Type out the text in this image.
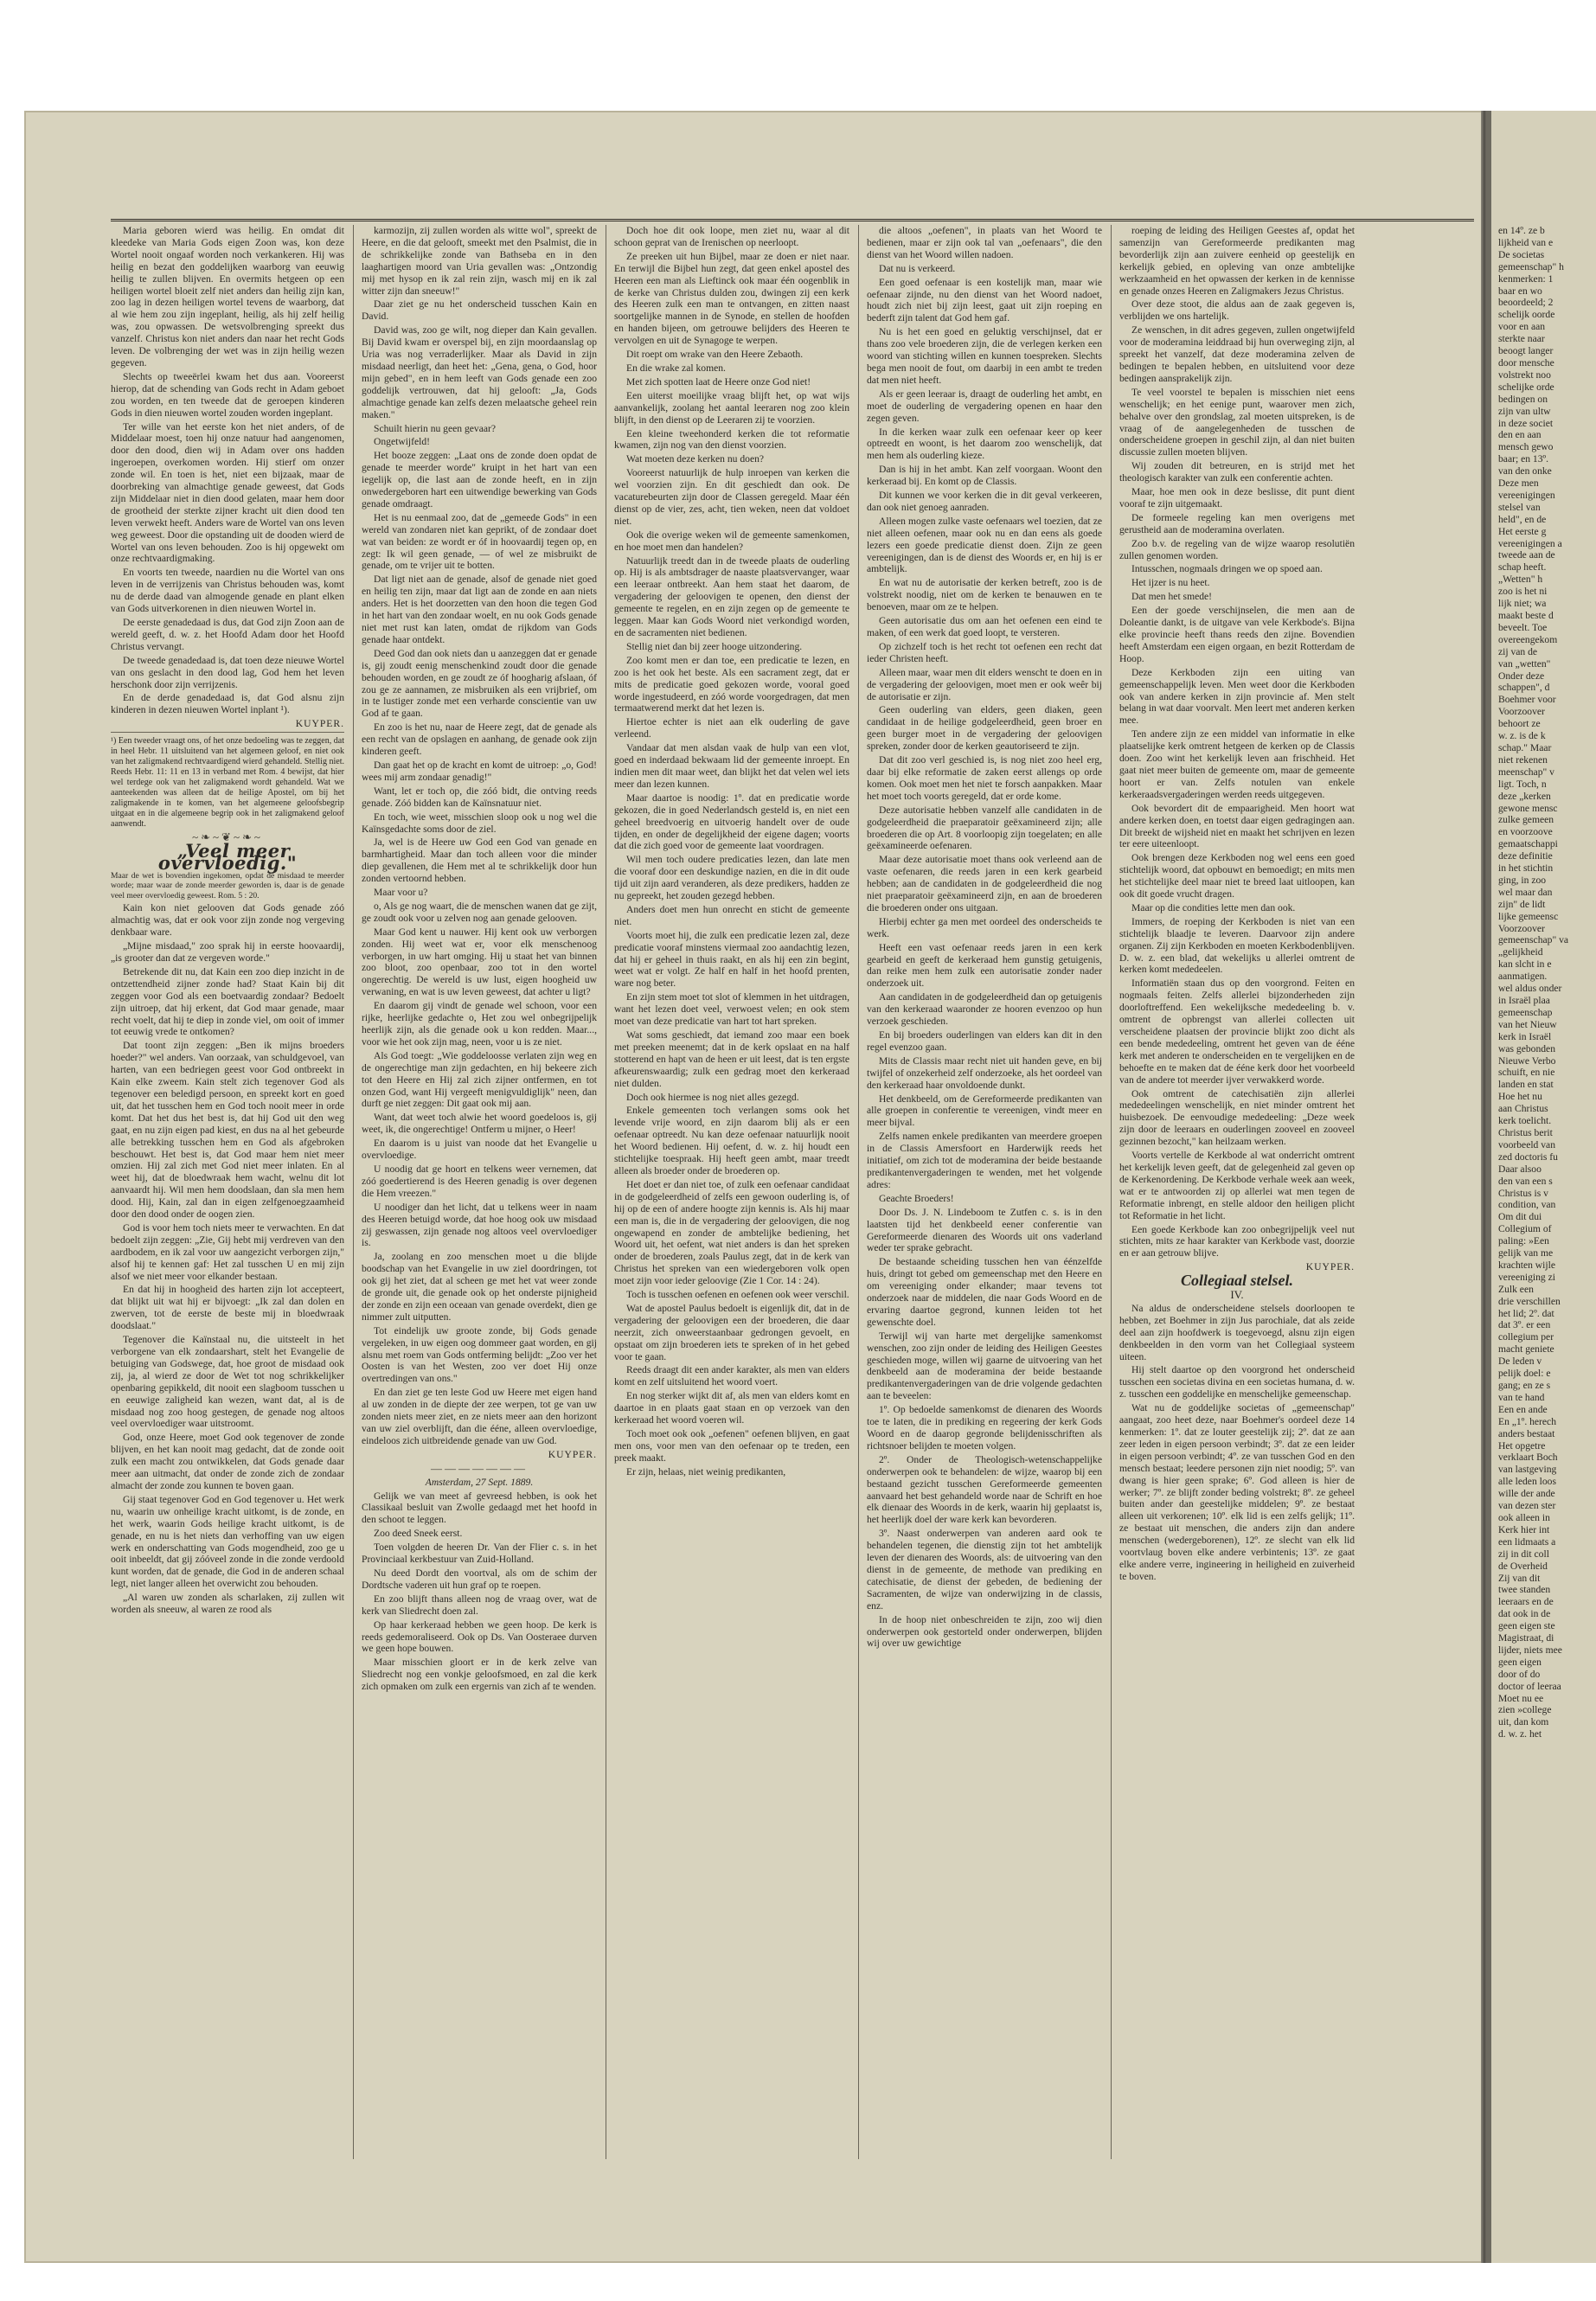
Maria geboren wierd was heilig. En omdat dit kleedeke van Maria Gods eigen Zoon was, kon deze Wortel nooit ongaaf worden noch verkankeren. Hij was heilig en bezat den goddelijken waarborg van eeuwig heilig te zullen blijven. En overmits hetgeen op een heiligen wortel bloeit zelf niet anders dan heilig zijn kan, zoo lag in dezen heiligen wortel tevens de waarborg, dat al wie hem zou zijn ingeplant, heilig, als hij zelf heilig was, zou opwassen. De wetsvolbrenging spreekt dus vanzelf. Christus kon niet anders dan naar het recht Gods leven. De volbrenging der wet was in zijn heilig wezen gegeven.

Slechts op tweeërlei kwam het dus aan. Vooreerst hierop, dat de schending van Gods recht in Adam geboet zou worden, en ten tweede dat de geroepen kinderen Gods in dien nieuwen wortel zouden worden ingeplant.

Ter wille van het eerste kon het niet anders, of de Middelaar moest, toen hij onze natuur had aangenomen, door den dood, dien wij in Adam over ons hadden ingeroepen, overkomen worden. Hij stierf om onzer zonde wil. En toen is het, niet een bijzaak, maar de doorbreking van almachtige genade geweest, dat Gods zijn Middelaar niet in dien dood gelaten, maar hem door de grootheid der sterkte zijner kracht uit dien dood ten leven verwekt heeft. Anders ware de Wortel van ons leven weg geweest. Door die opstanding uit de dooden wierd de Wortel van ons leven behouden. Zoo is hij opgewekt om onze rechtvaardigmaking.

En voorts ten tweede, naardien nu die Wortel van ons leven in de verrijzenis van Christus behouden was, komt nu de derde daad van almogende genade en plant elken van Gods uitverkorenen in dien nieuwen Wortel in.

De eerste genadedaad is dus, dat God zijn Zoon aan de wereld geeft, d. w. z. het Hoofd Adam door het Hoofd Christus vervangt.

De tweede genadedaad is, dat toen deze nieuwe Wortel van ons geslacht in den dood lag, God hem het leven herschonk door zijn verrijzenis.

En de derde genadedaad is, dat God alsnu zijn kinderen in dezen nieuwen Wortel inplant ¹).

KUYPER.

¹) Een tweeder vraagt ons, of het onze bedoeling was te zeggen, dat in heel Hebr. 11 uitsluitend van het algemeen geloof, en niet ook van het zaligmakend rechtvaardigend wierd gehandeld. Stellig niet. Reeds Hebr. 11: 11 en 13 in verband met Rom. 4 bewijst, dat hier wel terdege ook van het zaligmakend wordt gehandeld. Wat we aanteekenden was alleen dat de heilige Apostel, om bij het zaligmakende in te komen, van het algemeene geloofsbegrip uitgaat en in die algemeene begrip ook in het zaligmakend geloof aanwendt.

~❧~❦~❧~

„Veel meer overvloedig."

Maar de wet is bovendien ingekomen, opdat de misdaad te meerder worde; maar waar de zonde meerder geworden is, daar is de genade veel meer overvloedig geweest. Rom. 5 : 20.

Kain kon niet gelooven dat Gods genade zóó almachtig was, dat er ook voor zijn zonde nog vergeving denkbaar ware.

„Mijne misdaad," zoo sprak hij in eerste hoovaardij, „is grooter dan dat ze vergeven worde."

Betrekende dit nu, dat Kain een zoo diep inzicht in de ontzettendheid zijner zonde had? Staat Kain bij dit zeggen voor God als een boetvaardig zondaar? Bedoelt zijn uitroep, dat hij erkent, dat God maar genade, maar recht voelt, dat hij te diep in zonde viel, om ooit of immer tot eeuwig vrede te ontkomen?

Dat toont zijn zeggen: „Ben ik mijns broeders hoeder?" wel anders. Van oorzaak, van schuldgevoel, van harten, van een bedriegen geest voor God ontbreekt in Kain elke zweem. Kain stelt zich tegenover God als tegenover een beledigd persoon, en spreekt kort en goed uit, dat het tusschen hem en God toch nooit meer in orde komt. Dat het dus het best is, dat hij God uit den weg gaat, en nu zijn eigen pad kiest, en dus na al het gebeurde alle betrekking tusschen hem en God als afgebroken beschouwt. Het best is, dat God maar hem niet meer omzien. Hij zal zich met God niet meer inlaten. En al weet hij, dat de bloedwraak hem wacht, welnu dit lot aanvaardt hij. Wil men hem doodslaan, dan sla men hem dood. Hij, Kain, zal dan in eigen zelfgenoegzaamheid door den dood onder de oogen zien.

God is voor hem toch niets meer te verwachten. En dat bedoelt zijn zeggen: „Zie, Gij hebt mij verdreven van den aardbodem, en ik zal voor uw aangezicht verborgen zijn," alsof hij te kennen gaf: Het zal tusschen U en mij zijn alsof we niet meer voor elkander bestaan.

En dat hij in hoogheid des harten zijn lot accepteert, dat blijkt uit wat hij er bijvoegt: „Ik zal dan dolen en zwerven, tot de eerste de beste mij in bloedwraak doodslaat."

Tegenover die Kaïnstaal nu, die uitsteelt in het verborgene van elk zondaarshart, stelt het Evangelie de betuiging van Godswege, dat, hoe groot de misdaad ook zij, ja, al wierd ze door de Wet tot nog schrikkelijker openbaring gepikkeld, dit nooit een slagboom tusschen u en eeuwige zaligheid kan wezen, want dat, al is de misdaad nog zoo hoog gestegen, de genade nog altoos veel overvloediger waar uitstroomt.

God, onze Heere, moet God ook tegenover de zonde blijven, en het kan nooit mag gedacht, dat de zonde ooit zulk een macht zou ontwikkelen, dat Gods genade daar meer aan uitmacht, dat onder de zonde zich de zondaar almacht der zonde zou kunnen te boven gaan.

Gij staat tegenover God en God tegenover u. Het werk nu, waarin uw onheilige kracht uitkomt, is de zonde, en het werk, waarin Gods heilige kracht uitkomt, is de genade, en nu is het niets dan verhoffing van uw eigen werk en onderschatting van Gods mogendheid, zoo ge u ooit inbeeldt, dat gij zóóveel zonde in die zonde verdoold kunt worden, dat de genade, die God in de anderen schaal legt, niet langer alleen het overwicht zou behouden.

„Al waren uw zonden als scharlaken, zij zullen wit worden als sneeuw, al waren ze rood als

karmozijn, zij zullen worden als witte wol", spreekt de Heere, en die dat gelooft, smeekt met den Psalmist, die in de schrikkelijke zonde van Bathseba en in den laaghartigen moord van Uria gevallen was: „Ontzondig mij met hysop en ik zal rein zijn, wasch mij en ik zal witter zijn dan sneeuw!"

Daar ziet ge nu het onderscheid tusschen Kain en David.

David was, zoo ge wilt, nog dieper dan Kain gevallen. Bij David kwam er overspel bij, en zijn moordaanslag op Uria was nog verraderlijker. Maar als David in zijn misdaad neerligt, dan heet het: „Gena, gena, o God, hoor mijn gebed", en in hem leeft van Gods genade een zoo goddelijk vertrouwen, dat hij gelooft: „Ja, Gods almachtige genade kan zelfs dezen melaatsche geheel rein maken."

Schuilt hierin nu geen gevaar?

Ongetwijfeld!

Het booze zeggen: „Laat ons de zonde doen opdat de genade te meerder worde" kruipt in het hart van een iegelijk op, die last aan de zonde heeft, en in zijn onwedergeboren hart een uitwendige bewerking van Gods genade omdraagt.

Het is nu eenmaal zoo, dat de „gemeede Gods" in een wereld van zondaren niet kan geprikt, of de zondaar doet wat van beiden: ze wordt er óf in hoovaardij tegen op, en zegt: Ik wil geen genade, — of wel ze misbruikt de genade, om te vrijer uit te botten.

Dat ligt niet aan de genade, alsof de genade niet goed en heilig ten zijn, maar dat ligt aan de zonde en aan niets anders. Het is het doorzetten van den hoon die tegen God in het hart van den zondaar woelt, en nu ook Gods genade niet met rust kan laten, omdat de rijkdom van Gods genade haar ontdekt.

Deed God dan ook niets dan u aanzeggen dat er genade is, gij zoudt eenig menschenkind zoudt door die genade behouden worden, en ge zoudt ze óf hoogharig afslaan, óf zou ge ze aannamen, ze misbruiken als een vrijbrief, om in te lustiger zonde met een verharde conscientie van uw God af te gaan.

En zoo is het nu, naar de Heere zegt, dat de genade als een recht van de opslagen en aanhang, de genade ook zijn kinderen geeft.

Dan gaat het op de kracht en komt de uitroep: „o, God! wees mij arm zondaar genadig!"

Want, let er toch op, die zóó bidt, die ontving reeds genade. Zóó bidden kan de Kaïnsnatuur niet.

En toch, wie weet, misschien sloop ook u nog wel die Kaïnsgedachte soms door de ziel.

Ja, wel is de Heere uw God een God van genade en barmhartigheid. Maar dan toch alleen voor die minder diep gevallenen, die Hem met al te schrikkelijk door hun zonden vertoornd hebben.

Maar voor u?

o, Als ge nog waart, die de menschen wanen dat ge zijt, ge zoudt ook voor u zelven nog aan genade gelooven.

Maar God kent u nauwer. Hij kent ook uw verborgen zonden. Hij weet wat er, voor elk menschenoog verborgen, in uw hart omging. Hij u staat het van binnen zoo bloot, zoo openbaar, zoo tot in den wortel ongerechtig. De wereld is uw lust, eigen hoogheid uw verwaning, en wat is uw leven geweest, dat achter u ligt?

En daarom gij vindt de genade wel schoon, voor een rijke, heerlijke gedachte o, Het zou wel onbegrijpelijk heerlijk zijn, als die genade ook u kon redden. Maar..., voor wie het ook zijn mag, neen, voor u is ze niet.

Als God toegt: „Wie goddeloosse verlaten zijn weg en de ongerechtige man zijn gedachten, en hij bekeere zich tot den Heere en Hij zal zich zijner ontfermen, en tot onzen God, want Hij vergeeft menigvuldiglijk" neen, dan durft ge niet zeggen: Dit gaat ook mij aan.

Want, dat weet toch alwie het woord goedeloos is, gij weet, ik, die ongerechtige! Ontferm u mijner, o Heer!

En daarom is u juist van noode dat het Evangelie u overvloedige.

U noodig dat ge hoort en telkens weer vernemen, dat zóó goedertierend is des Heeren genadig is over degenen die Hem vreezen."

U noodiger dan het licht, dat u telkens weer in naam des Heeren betuigd worde, dat hoe hoog ook uw misdaad zij geswassen, zijn genade nog altoos veel overvloediger is.

Ja, zoolang en zoo menschen moet u die blijde boodschap van het Evangelie in uw ziel doordringen, tot ook gij het ziet, dat al scheen ge met het vat weer zonde de gronde uit, die genade ook op het onderste pijnigheid der zonde en zijn een oceaan van genade overdekt, dien ge nimmer zult uitputten.

Tot eindelijk uw groote zonde, bij Gods genade vergeleken, in uw eigen oog dommeer gaat worden, en gij alsnu met roem van Gods ontferming belijdt: „Zoo ver het Oosten is van het Westen, zoo ver doet Hij onze overtredingen van ons."

En dan ziet ge ten leste God uw Heere met eigen hand al uw zonden in de diepte der zee werpen, tot ge van uw zonden niets meer ziet, en ze niets meer aan den horizont van uw ziel overblijft, dan die ééne, alleen overvloedige, eindeloos zich uitbreidende genade van uw God.

KUYPER.

———————

Amsterdam, 27 Sept. 1889.

Gelijk we van meet af gevreesd hebben, is ook het Classikaal besluit van Zwolle gedaagd met het hoofd in den schoot te leggen.

Zoo deed Sneek eerst.

Toen volgden de heeren Dr. Van der Flier c. s. in het Provinciaal kerkbestuur van Zuid-Holland.

Nu deed Dordt den voortval, als om de schim der Dordtsche vaderen uit hun graf op te roepen.

En zoo blijft thans alleen nog de vraag over, wat de kerk van Sliedrecht doen zal.

Op haar kerkeraad hebben we geen hoop. De kerk is reeds gedemoraliseerd. Ook op Ds. Van Oosteraee durven we geen hope bouwen.

Maar misschien gloort er in de kerk zelve van Sliedrecht nog een vonkje geloofsmoed, en zal die kerk zich opmaken om zulk een ergernis van zich af te wenden.

Doch hoe dit ook loope, men ziet nu, waar al dit schoon geprat van de Irenischen op neerloopt.

Ze preeken uit hun Bijbel, maar ze doen er niet naar. En terwijl die Bijbel hun zegt, dat geen enkel apostel des Heeren een man als Lieftinck ook maar één oogenblik in de kerke van Christus dulden zou, dwingen zij een kerk des Heeren zulk een man te ontvangen, en zitten naast soortgelijke mannen in de Synode, en stellen de hoofden en handen bijeen, om getrouwe belijders des Heeren te vervolgen en uit de Synagoge te werpen.

Dit roept om wrake van den Heere Zebaoth.

En die wrake zal komen.

Met zich spotten laat de Heere onze God niet!

Een uiterst moeilijke vraag blijft het, op wat wijs aanvankelijk, zoolang het aantal leeraren nog zoo klein blijft, in den dienst op de Leeraren zij te voorzien.

Een kleine tweehonderd kerken die tot reformatie kwamen, zijn nog van den dienst voorzien.

Wat moeten deze kerken nu doen?

Vooreerst natuurlijk de hulp inroepen van kerken die wel voorzien zijn. En dit geschiedt dan ook. De vacaturebeurten zijn door de Classen geregeld. Maar één dienst op de vier, zes, acht, tien weken, neen dat voldoet niet.

Ook die overige weken wil de gemeente samenkomen, en hoe moet men dan handelen?

Natuurlijk treedt dan in de tweede plaats de ouderling op. Hij is als ambtsdrager de naaste plaatsvervanger, waar een leeraar ontbreekt. Aan hem staat het daarom, de vergadering der geloovigen te openen, den dienst der gemeente te regelen, en en zijn zegen op de gemeente te leggen. Maar kan Gods Woord niet verkondigd worden, en de sacramenten niet bedienen.

Stellig niet dan bij zeer hooge uitzondering.

Zoo komt men er dan toe, een predicatie te lezen, en zoo is het ook het beste. Als een sacrament zegt, dat er mits de predicatie goed gekozen worde, vooral goed worde ingestudeerd, en zóó worde voorgedragen, dat men termaatwerend merkt dat het lezen is.

Hiertoe echter is niet aan elk ouderling de gave verleend.

Vandaar dat men alsdan vaak de hulp van een vlot, goed en inderdaad bekwaam lid der gemeente inroept. En indien men dit maar weet, dan blijkt het dat velen wel iets meer dan lezen kunnen.

Maar daartoe is noodig: 1º. dat en predicatie worde gekozen, die in goed Nederlandsch gesteld is, en niet een geheel breedvoerig en uitvoerig handelt over de oude tijden, en onder de degelijkheid der eigene dagen; voorts dat die zich goed voor de gemeente laat voordragen.

Wil men toch oudere predicaties lezen, dan late men die vooraf door een deskundige nazien, en die in dit oude tijd uit zijn aard veranderen, als deze predikers, hadden ze nu gepreekt, het zouden gezegd hebben.

Anders doet men hun onrecht en sticht de gemeente niet.

Voorts moet hij, die zulk een predicatie lezen zal, deze predicatie vooraf minstens viermaal zoo aandachtig lezen, dat hij er geheel in thuis raakt, en als hij een zin begint, weet wat er volgt. Ze half en half in het hoofd prenten, ware nog beter.

En zijn stem moet tot slot of klemmen in het uitdragen, want het lezen doet veel, verwoest velen; en ook stem moet van deze predicatie van hart tot hart spreken.

Wat soms geschiedt, dat iemand zoo maar een boek met preeken meenemt; dat in de kerk opslaat en na half stotterend en hapt van de heen er uit leest, dat is ten ergste afkeurenswaardig; zulk een gedrag moet den kerkeraad niet dulden.

Doch ook hiermee is nog niet alles gezegd.

Enkele gemeenten toch verlangen soms ook het levende vrije woord, en zijn daarom blij als er een oefenaar optreedt. Nu kan deze oefenaar natuurlijk nooit het Woord bedienen. Hij oefent, d. w. z. hij houdt een stichtelijke toespraak. Hij heeft geen ambt, maar treedt alleen als broeder onder de broederen op.

Het doet er dan niet toe, of zulk een oefenaar candidaat in de godgeleerdheid of zelfs een gewoon ouderling is, of hij op de een of andere hoogte zijn kennis is. Als hij maar een man is, die in de vergadering der geloovigen, die nog ongewapend en zonder de ambtelijke bediening, het Woord uit, het oefent, wat niet anders is dan het spreken onder de broederen, zoals Paulus zegt, dat in de kerk van Christus het spreken van een wiedergeboren volk open moet zijn voor ieder geloovige (Zie 1 Cor. 14 : 24).

Toch is tusschen oefenen en oefenen ook weer verschil.

Wat de apostel Paulus bedoelt is eigenlijk dit, dat in de vergadering der geloovigen een der broederen, die daar neerzit, zich onweerstaanbaar gedrongen gevoelt, en opstaat om zijn broederen iets te spreken of in het gebed voor te gaan.

Reeds draagt dit een ander karakter, als men van elders komt en zelf uitsluitend het woord voert.

En nog sterker wijkt dit af, als men van elders komt en daartoe in en plaats gaat staan en op verzoek van den kerkeraad het woord voeren wil.

Toch moet ook ook „oefenen" oefenen blijven, en gaat men ons, voor men van den oefenaar op te treden, een preek maakt.

Er zijn, helaas, niet weinig predikanten,

die altoos „oefenen", in plaats van het Woord te bedienen, maar er zijn ook tal van „oefenaars", die den dienst van het Woord willen nadoen.

Dat nu is verkeerd.

Een goed oefenaar is een kostelijk man, maar wie oefenaar zijnde, nu den dienst van het Woord nadoet, houdt zich niet bij zijn leest, gaat uit zijn roeping en bederft zijn talent dat God hem gaf.

Nu is het een goed en geluktig verschijnsel, dat er thans zoo vele broederen zijn, die de verlegen kerken een woord van stichting willen en kunnen toespreken. Slechts bega men nooit de fout, om daarbij in een ambt te treden dat men niet heeft.

Als er geen leeraar is, draagt de ouderling het ambt, en moet de ouderling de vergadering openen en haar den zegen geven.

In die kerken waar zulk een oefenaar keer op keer optreedt en woont, is het daarom zoo wenschelijk, dat men hem als ouderling kieze.

Dan is hij in het ambt. Kan zelf voorgaan. Woont den kerkeraad bij. En komt op de Classis.

Dit kunnen we voor kerken die in dit geval verkeeren, dan ook niet genoeg aanraden.

Alleen mogen zulke vaste oefenaars wel toezien, dat ze niet alleen oefenen, maar ook nu en dan eens als goede lezers een goede predicatie dienst doen. Zijn ze geen vereenigingen, dan is de dienst des Woords er, en hij is er ambtelijk.

En wat nu de autorisatie der kerken betreft, zoo is de volstrekt noodig, niet om de kerken te benauwen en te benoeven, maar om ze te helpen.

Geen autorisatie dus om aan het oefenen een eind te maken, of een werk dat goed loopt, te versteren.

Op zichzelf toch is het recht tot oefenen een recht dat ieder Christen heeft.

Alleen maar, waar men dit elders wenscht te doen en in de vergadering der geloovigen, moet men er ook weêr bij de autorisatie er zijn.

Geen ouderling van elders, geen diaken, geen candidaat in de heilige godgeleerdheid, geen broer en geen burger moet in de vergadering der geloovigen spreken, zonder door de kerken geautoriseerd te zijn.

Dat dit zoo verl geschied is, is nog niet zoo heel erg, daar bij elke reformatie de zaken eerst allengs op orde komen. Ook moet men het niet te forsch aanpakken. Maar het moet toch voorts geregeld, dat er orde kome.

Deze autorisatie hebben vanzelf alle candidaten in de godgeleerdheid die praeparatoir geëxamineerd zijn; alle broederen die op Art. 8 voorloopig zijn toegelaten; en alle geëxamineerde oefenaren.

Maar deze autorisatie moet thans ook verleend aan de vaste oefenaren, die reeds jaren in een kerk gearbeid hebben; aan de candidaten in de godgeleerdheid die nog niet praeparatoir geëxamineerd zijn, en aan de broederen die broederen onder ons uitgaan.

Hierbij echter ga men met oordeel des onderscheids te werk.

Heeft een vast oefenaar reeds jaren in een kerk gearbeid en geeft de kerkeraad hem gunstig getuigenis, dan reike men hem zulk een autorisatie zonder nader onderzoek uit.

Aan candidaten in de godgeleerdheid dan op getuigenis van den kerkeraad waaronder ze hooren evenzoo op hun verzoek geschieden.

En bij broeders ouderlingen van elders kan dit in den regel evenzoo gaan.

Mits de Classis maar recht niet uit handen geve, en bij twijfel of onzekerheid zelf onderzoeke, als het oordeel van den kerkeraad haar onvoldoende dunkt.

Het denkbeeld, om de Gereformeerde predikanten van alle groepen in conferentie te vereenigen, vindt meer en meer bijval.

Zelfs namen enkele predikanten van meerdere groepen in de Classis Amersfoort en Harderwijk reeds het initiatief, om zich tot de moderamina der beide bestaande predikantenvergaderingen te wenden, met het volgende adres:

Geachte Broeders!

Door Ds. J. N. Lindeboom te Zutfen c. s. is in den laatsten tijd het denkbeeld eener conferentie van Gereformeerde dienaren des Woords uit ons vaderland weder ter sprake gebracht.

De bestaande scheiding tusschen hen van éénzelfde huis, dringt tot gebed om gemeenschap met den Heere en om vereeniging onder elkander; maar tevens tot onderzoek naar de middelen, die naar Gods Woord en de ervaring daartoe gegrond, kunnen leiden tot het gewenschte doel.

Terwijl wij van harte met dergelijke samenkomst wenschen, zoo zijn onder de leiding des Heiligen Geestes geschieden moge, willen wij gaarne de uitvoering van het denkbeeld aan de moderamina der beide bestaande predikantenvergaderingen van de drie volgende gedachten aan te beveelen:

1º. Op bedoelde samenkomst de dienaren des Woords toe te laten, die in prediking en regeering der kerk Gods Woord en de daarop gegronde belijdenisschriften als richtsnoer belijden te moeten volgen.

2º. Onder de Theologisch-wetenschappelijke onderwerpen ook te behandelen: de wijze, waarop bij een bestaand gezicht tusschen Gereformeerde gemeenten aanvaard het best gehandeld worde naar de Schrift en hoe elk dienaar des Woords in de kerk, waarin hij geplaatst is, het heerlijk doel der ware kerk kan bevorderen.

3º. Naast onderwerpen van anderen aard ook te behandelen tegenen, die dienstig zijn tot het ambtelijk leven der dienaren des Woords, als: de uitvoering van den dienst in de gemeente, de methode van prediking en catechisatie, de dienst der gebeden, de bediening der Sacramenten, de wijze van onderwijzing in de classis, enz.

In de hoop niet onbeschreiden te zijn, zoo wij dien onderwerpen ook gestorteld onder onderwerpen, blijden wij over uw gewichtige

roeping de leiding des Heiligen Geestes af, opdat het samenzijn van Gereformeerde predikanten mag bevorderlijk zijn aan zuivere eenheid op geestelijk en kerkelijk gebied, en opleving van onze ambtelijke werkzaamheid en het opwassen der kerken in de kennisse en genade onzes Heeren en Zaligmakers Jezus Christus.

Over deze stoot, die aldus aan de zaak gegeven is, verblijden we ons hartelijk.

Ze wenschen, in dit adres gegeven, zullen ongetwijfeld voor de moderamina leiddraad bij hun overweging zijn, al spreekt het vanzelf, dat deze moderamina zelven de bedingen te bepalen hebben, en uitsluitend voor deze bedingen aansprakelijk zijn.

Te veel voorstel te bepalen is misschien niet eens wenschelijk; en het eenige punt, waarover men zich, behalve over den grondslag, zal moeten uitspreken, is de vraag of de aangelegenheden de tusschen de onderscheidene groepen in geschil zijn, al dan niet buiten discussie zullen moeten blijven.

Wij zouden dit betreuren, en is strijd met het theologisch karakter van zulk een conferentie achten.

Maar, hoe men ook in deze beslisse, dit punt dient vooraf te zijn uitgemaakt.

De formeele regeling kan men overigens met gerustheid aan de moderamina overlaten.

Zoo b.v. de regeling van de wijze waarop resolutiën zullen genomen worden.

Intusschen, nogmaals dringen we op spoed aan.

Het ijzer is nu heet.

Dat men het smede!

Een der goede verschijnselen, die men aan de Doleantie dankt, is de uitgave van vele Kerkbode's. Bijna elke provincie heeft thans reeds den zijne. Bovendien heeft Amsterdam een eigen orgaan, en bezit Rotterdam de Hoop.

Deze Kerkboden zijn een uiting van gemeenschappelijk leven. Men weet door die Kerkboden ook van andere kerken in zijn provincie af. Men stelt belang in wat daar voorvalt. Men leert met anderen kerken mee.

Ten andere zijn ze een middel van informatie in elke plaatselijke kerk omtrent hetgeen de kerken op de Classis doen. Zoo wint het kerkelijk leven aan frischheid. Het gaat niet meer buiten de gemeente om, maar de gemeente hoort er van. Zelfs notulen van enkele kerkeraadsvergaderingen werden reeds uitgegeven.

Ook bevordert dit de empaarigheid. Men hoort wat andere kerken doen, en toetst daar eigen gedragingen aan. Dit breekt de wijsheid niet en maakt het schrijven en lezen ter eere uiteenloopt.

Ook brengen deze Kerkboden nog wel eens een goed stichtelijk woord, dat opbouwt en bemoedigt; en mits men het stichtelijke deel maar niet te breed laat uitloopen, kan ook dit goede vrucht dragen.

Maar op die condities lette men dan ook.

Immers, de roeping der Kerkboden is niet van een stichtelijk blaadje te leveren. Daarvoor zijn andere organen. Zij zijn Kerkboden en moeten Kerkbodenblijven. D. w. z. een blad, dat wekelijks u allerlei omtrent de kerken komt mededeelen.

Informatiën staan dus op den voorgrond. Feiten en nogmaals feiten. Zelfs allerlei bijzonderheden zijn doorloftreffend. Een wekelijksche mededeeling b. v. omtrent de opbrengst van allerlei collecten uit verscheidene plaatsen der provincie blijkt zoo dicht als een bende mededeeling, omtrent het geven van de ééne kerk met anderen te onderscheiden en te vergelijken en de behoefte en te maken dat de ééne kerk door het voorbeeld van de andere tot meerder ijver verwakkerd worde.

Ook omtrent de catechisatiën zijn allerlei mededeelingen wenschelijk, en niet minder omtrent het huisbezoek. De eenvoudige mededeeling: „Deze week zijn door de leeraars en ouderlingen zooveel en zooveel gezinnen bezocht," kan heilzaam werken.

Voorts vertelle de Kerkbode al wat onderricht omtrent het kerkelijk leven geeft, dat de gelegenheid zal geven op de Kerkenordening. De Kerkbode verhale week aan week, wat er te antwoorden zij op allerlei wat men tegen de Reformatie inbrengt, en stelle aldoor den heiligen plicht tot Reformatie in het licht.

Een goede Kerkbode kan zoo onbegrijpelijk veel nut stichten, mits ze haar karakter van Kerkbode vast, doorzie en er aan getrouw blijve.

KUYPER.

Collegiaal stelsel.

IV.

Na aldus de onderscheidene stelsels doorloopen te hebben, zet Boehmer in zijn Jus parochiale, dat als zeide deel aan zijn hoofdwerk is toegevoegd, alsnu zijn eigen denkbeelden in den vorm van het Collegiaal systeem uiteen.

Hij stelt daartoe op den voorgrond het onderscheid tusschen een societas divina en een societas humana, d. w. z. tusschen een goddelijke en menschelijke gemeenschap.

Wat nu de goddelijke societas of „gemeenschap" aangaat, zoo heet deze, naar Boehmer's oordeel deze 14 kenmerken: 1º. dat ze louter geestelijk zij; 2º. dat ze aan zeer leden in eigen persoon verbindt; 3º. dat ze een leider in eigen persoon verbindt; 4º. ze van tusschen God en den mensch bestaat; leedere personen zijn niet noodig; 5º. van dwang is hier geen sprake; 6º. God alleen is hier de werker; 7º. ze blijft zonder beding volstrekt; 8º. ze geheel buiten ander dan geestelijke middelen; 9º. ze bestaat alleen uit verkorenen; 10º. elk lid is een zelfs gelijk; 11º. ze bestaat uit menschen, die anders zijn dan andere menschen (wedergeborenen), 12º. ze slecht van elk lid voortvlaug boven elke andere verbintenis; 13º. ze gaat elke andere verre, ingineering in heiligheid en zuiverheid te boven.

en 14º. ze b
lijkheid van e
De societas
gemeenschap" h
kenmerken: 1
baar en wo
beoordeeld; 2
schelijk oorde
voor en aan
sterkte naar
beoogt langer
door mensche
volstrekt noo
schelijke orde
bedingen on
zijn van ultw
in deze societ
den en aan
mensch gewo
baar; en 13º.
van den onke
Deze men
vereenigingen
stelsel van
held", en de
Het eerste g
vereenigingen a
tweede aan de
schap heeft.
„Wetten" h
zoo is het ni
lijk niet; wa
maakt beste d
beveelt. Toe
overeengekom
zij van de
van „wetten"
Onder deze
schappen", d
Boehmer voor
Voorzoover
behoort ze
w. z. is de k
schap." Maar
niet rekenen
meenschap" v
ligt. Toch, n
deze „kerken
gewone mensc
zulke gemeen
en voorzoove
gemaatschappi
deze definitie
in het stichtin
ging, in zoo
wel maar dan
zijn" de lidt
lijke gemeensc
Voorzoover
gemeenschap" va
„gelijkheid
kan slcht in e
aanmatigen.
wel aldus onder
in Israël plaa
gemeenschap
van het Nieuw
kerk in Israël
was gebonden
Nieuwe Verbo
schuift, en nie
landen en stat
Hoe het nu
aan Christus
kerk toelicht.
Christus berit
voorbeeld van
zed doctoris fu
Daar alsoo
den van een s
Christus is v
condition, van
Om dit dui
Collegium of
paling: »Een
gelijk van me
krachten wijle
vereeniging zi
Zulk een
drie verschillen
het lid; 2º. dat
dat 3º. er een
collegium per
macht geniete
De leden v
pelijk doel: e
gang; en ze s
van te hand
Een en ande
En „1º. herech
anders bestaat
Het opgetre
verklaart Boch
van lastgeving
alle leden loos
wille der ande
van dezen ster
ook alleen in
Kerk hier int
een lidmaats a
zij in dit coll
de Overheid
Zij van dit
twee standen
leeraars en de
dat ook in de
geen eigen ste
Magistraat, di
lijder, niets mee
geen eigen
door of do
doctor of leeraa
Moet nu ee
zien »college
uit, dan kom
d. w. z. het
